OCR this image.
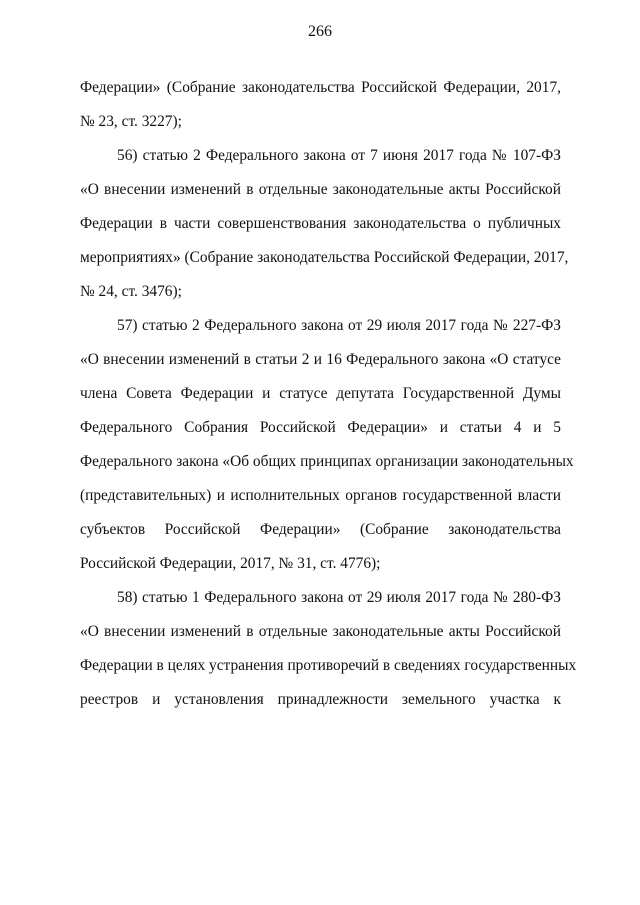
266
Федерации» (Собрание законодательства Российской Федерации, 2017,
№ 23, ст. 3227);
56) статью 2 Федерального закона от 7 июня 2017 года № 107-ФЗ
«О внесении изменений в отдельные законодательные акты Российской
Федерации в части совершенствования законодательства о публичных
мероприятиях» (Собрание законодательства Российской Федерации, 2017,
№ 24, ст. 3476);
57) статью 2 Федерального закона от 29 июля 2017 года № 227-ФЗ
«О внесении изменений в статьи 2 и 16 Федерального закона «О статусе
члена Совета Федерации и статусе депутата Государственной Думы
Федерального Собрания Российской Федерации» и статьи 4 и 5
Федерального закона «Об общих принципах организации законодательных
(представительных) и исполнительных органов государственной власти
субъектов Российской Федерации» (Собрание законодательства
Российской Федерации, 2017, № 31, ст. 4776);
58) статью 1 Федерального закона от 29 июля 2017 года № 280-ФЗ
«О внесении изменений в отдельные законодательные акты Российской
Федерации в целях устранения противоречий в сведениях государственных
реестров и установления принадлежности земельного участка к
